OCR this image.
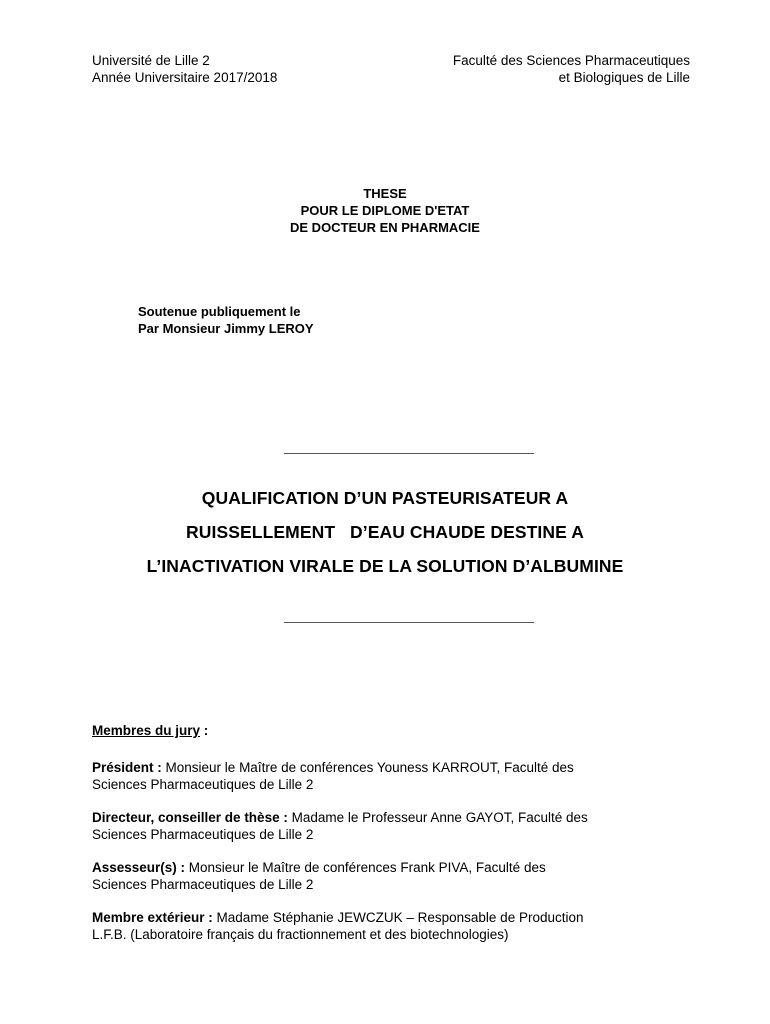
Université de Lille 2
Année Universitaire 2017/2018
Faculté des Sciences Pharmaceutiques
et Biologiques de Lille
THESE
POUR LE DIPLOME D'ETAT
DE DOCTEUR EN PHARMACIE
Soutenue publiquement le
Par Monsieur Jimmy LEROY
QUALIFICATION D’UN PASTEURISATEUR A
RUISSELLEMENT   D’EAU CHAUDE DESTINE A
L’INACTIVATION VIRALE DE LA SOLUTION D’ALBUMINE
Membres du jury :
Président : Monsieur le Maître de conférences Youness KARROUT, Faculté des
Sciences Pharmaceutiques de Lille 2
Directeur, conseiller de thèse : Madame le Professeur Anne GAYOT, Faculté des
Sciences Pharmaceutiques de Lille 2
Assesseur(s) : Monsieur le Maître de conférences Frank PIVA, Faculté des
Sciences Pharmaceutiques de Lille 2
Membre extérieur : Madame Stéphanie JEWCZUK – Responsable de Production
L.F.B. (Laboratoire français du fractionnement et des biotechnologies)
